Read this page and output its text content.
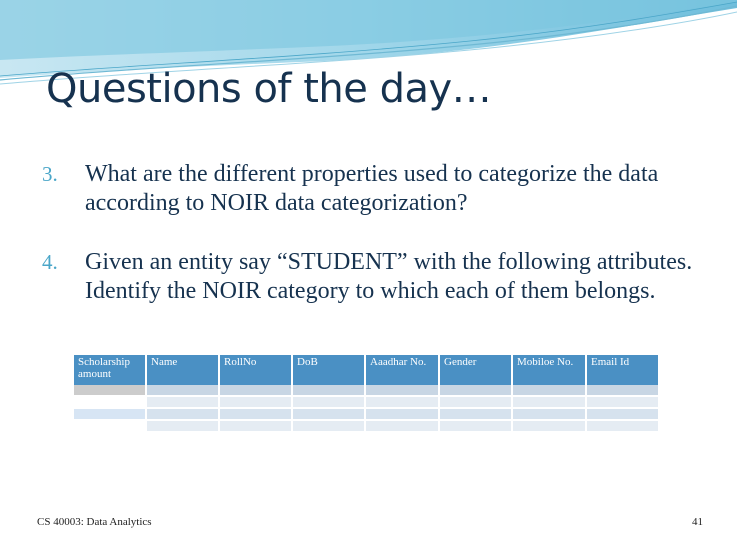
Questions of the day…
3. What are the different properties used to categorize the data according to NOIR data categorization?
4. Given an entity say “STUDENT” with the following attributes. Identify the NOIR category to which each of them belongs.
Scholarship amount	Name	RollNo	DoB	Aaadhar No.	Gender	Mobiloe No.	Email Id

CS 40003: Data Analytics	41
